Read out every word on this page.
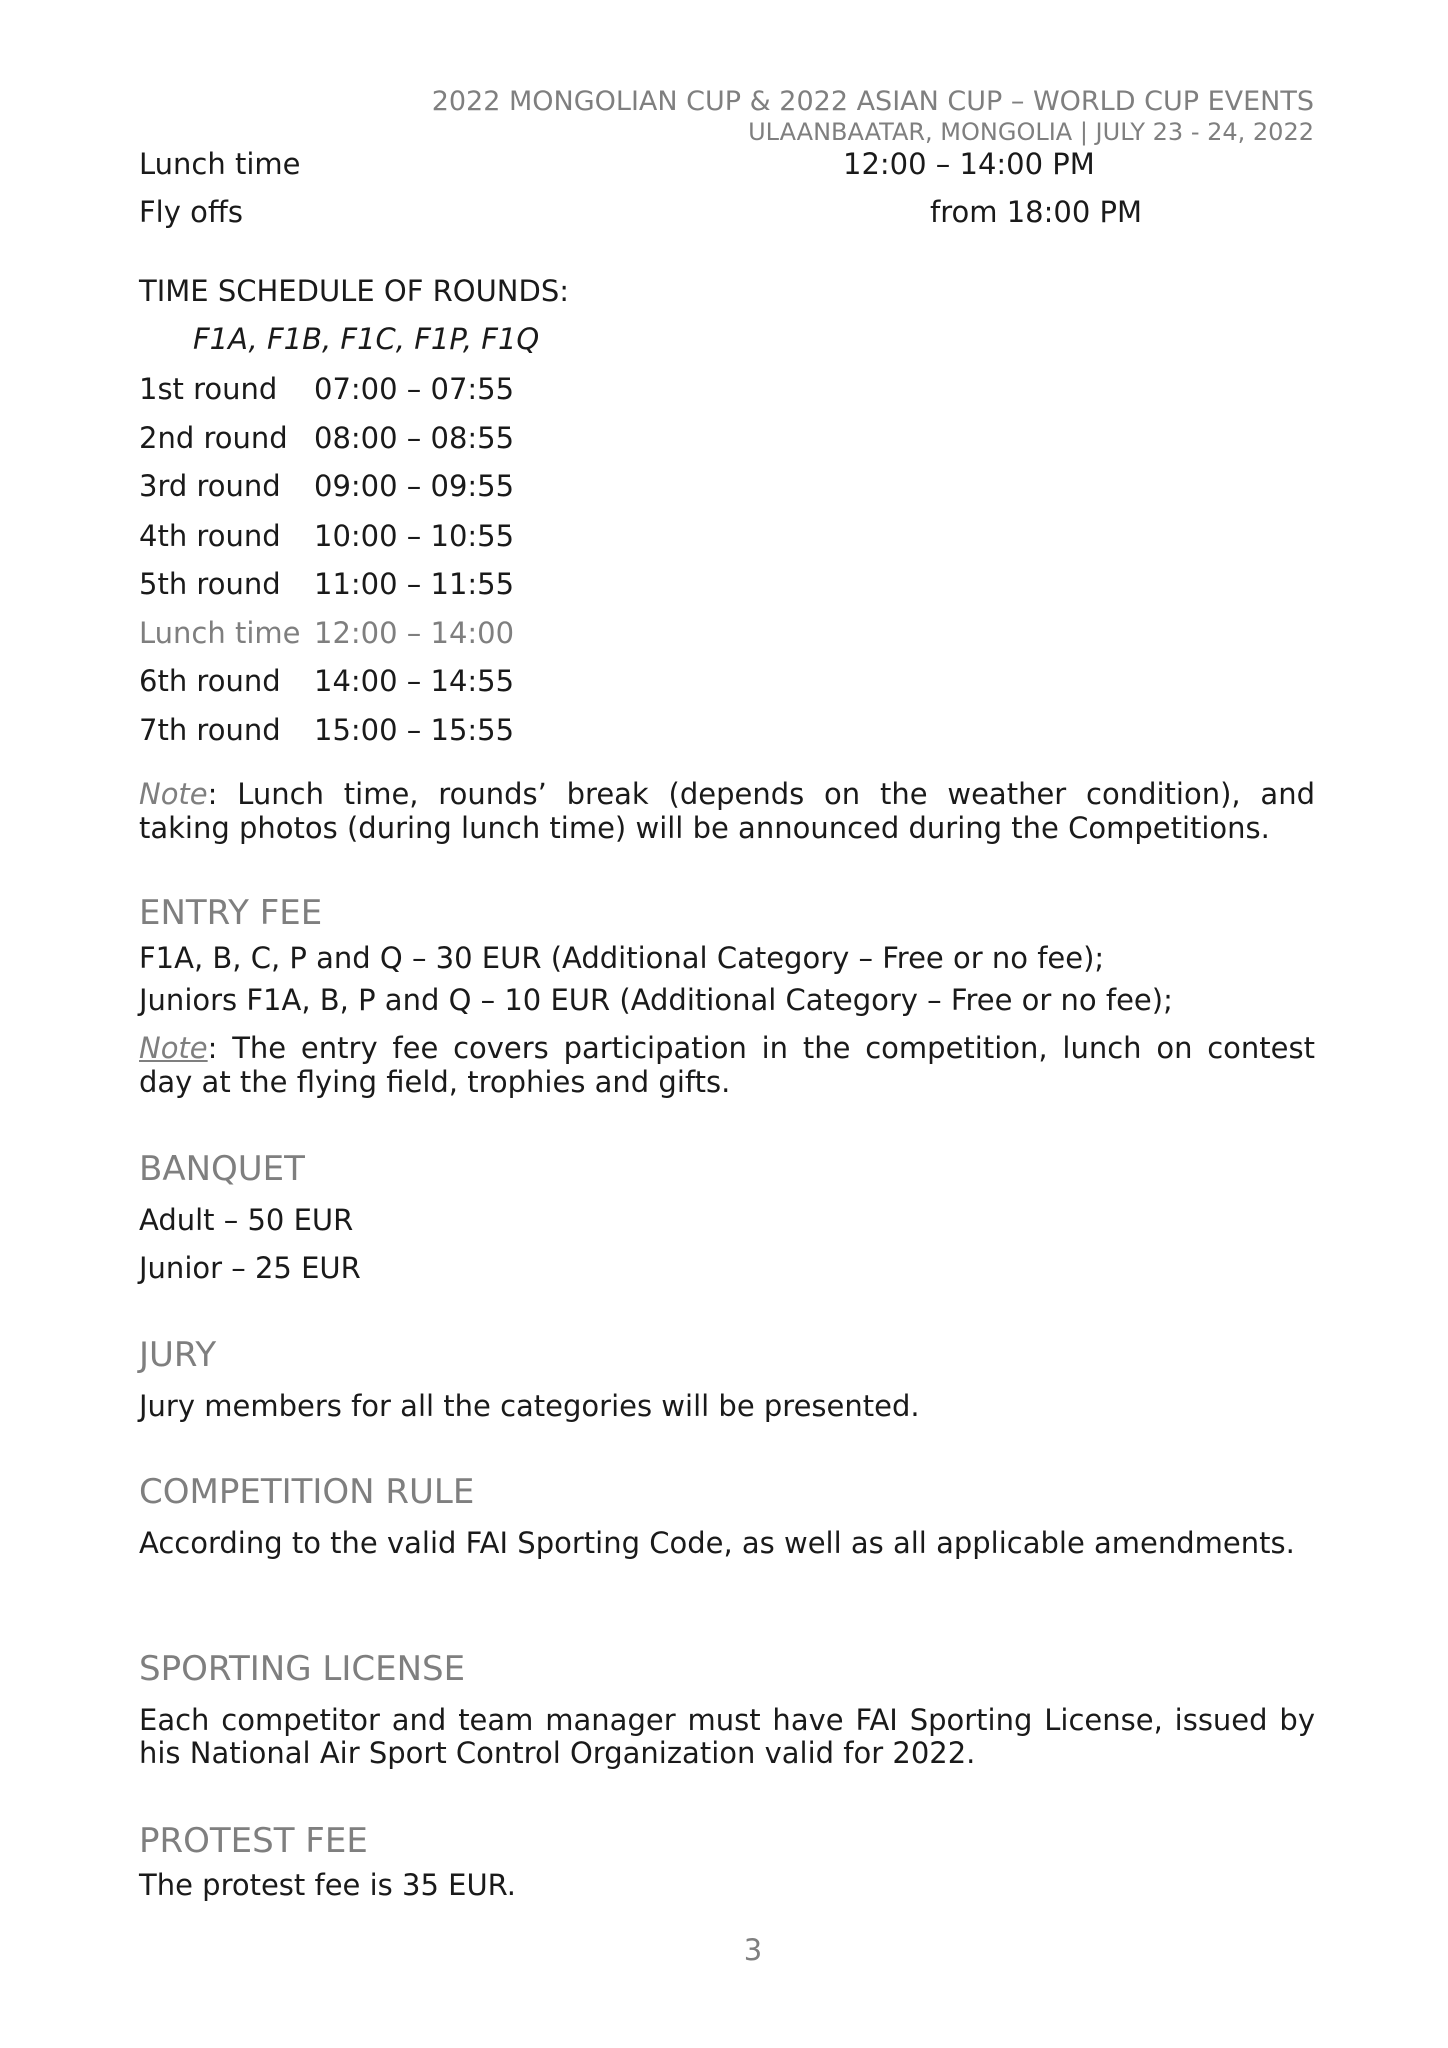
2022 MONGOLIAN CUP & 2022 ASIAN CUP – WORLD CUP EVENTS
ULAANBAATAR, MONGOLIA | JULY 23 - 24, 2022
Lunch time	12:00 – 14:00 PM
Fly offs	from 18:00 PM
TIME SCHEDULE OF ROUNDS:
F1A, F1B, F1C, F1P, F1Q
1st round 07:00 – 07:55
2nd round 08:00 – 08:55
3rd round 09:00 – 09:55
4th round 10:00 – 10:55
5th round 11:00 – 11:55
Lunch time 12:00 – 14:00
6th round 14:00 – 14:55
7th round 15:00 – 15:55
Note: Lunch time, rounds’ break (depends on the weather condition), and
taking photos (during lunch time) will be announced during the Competitions.
ENTRY FEE
F1A, B, C, P and Q – 30 EUR (Additional Category – Free or no fee);
Juniors F1A, B, P and Q – 10 EUR (Additional Category – Free or no fee);
Note: The entry fee covers participation in the competition, lunch on contest
day at the flying field, trophies and gifts.
BANQUET
Adult – 50 EUR
Junior – 25 EUR
JURY
Jury members for all the categories will be presented.
COMPETITION RULE
According to the valid FAI Sporting Code, as well as all applicable amendments.
SPORTING LICENSE
Each competitor and team manager must have FAI Sporting License, issued by
his National Air Sport Control Organization valid for 2022.
PROTEST FEE
The protest fee is 35 EUR.
3
